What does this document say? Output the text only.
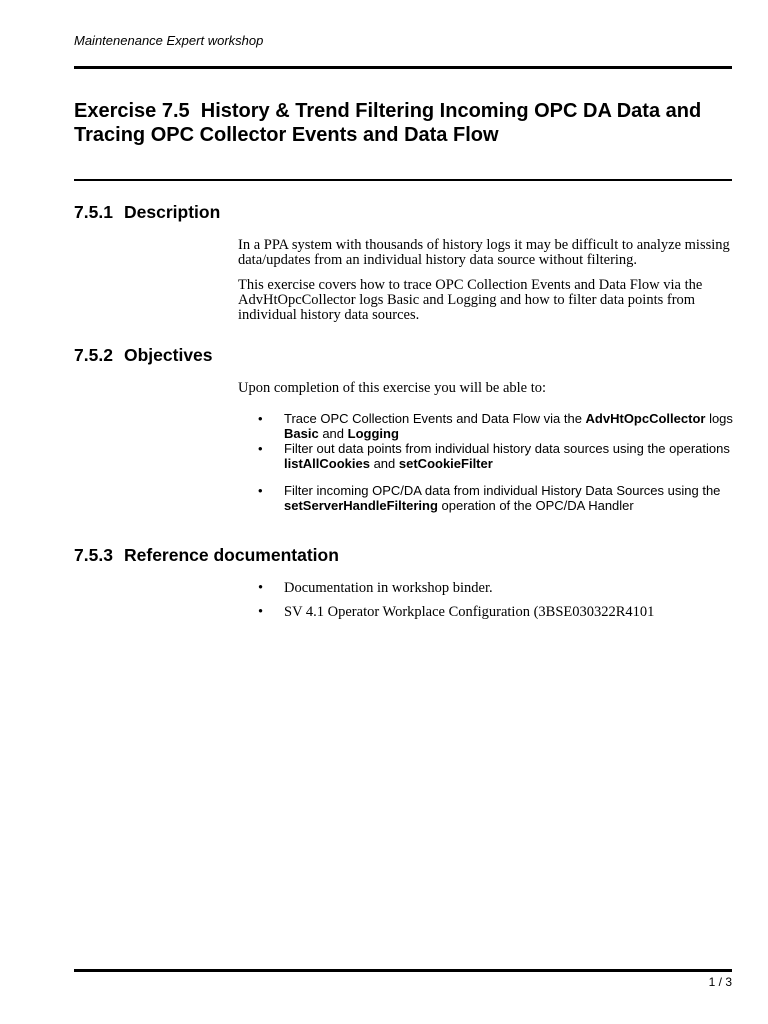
Maintenenance Expert workshop
Exercise 7.5  History & Trend Filtering Incoming OPC DA Data and
Tracing OPC Collector Events and Data Flow
7.5.1 Description
In a PPA system with thousands of history logs it may be difficult to analyze missing
data/updates from an individual history data source without filtering.
This exercise covers how to trace OPC Collection Events and Data Flow via the
AdvHtOpcCollector logs Basic and Logging and how to filter data points from
individual history data sources.
7.5.2 Objectives
Upon completion of this exercise you will be able to:
• Trace OPC Collection Events and Data Flow via the AdvHtOpcCollector logs
Basic and Logging
• Filter out data points from individual history data sources using the operations
listAllCookies and setCookieFilter
• Filter incoming OPC/DA data from individual History Data Sources using the
setServerHandleFiltering operation of the OPC/DA Handler
7.5.3 Reference documentation
• Documentation in workshop binder.
• SV 4.1 Operator Workplace Configuration (3BSE030322R4101
1 / 3
